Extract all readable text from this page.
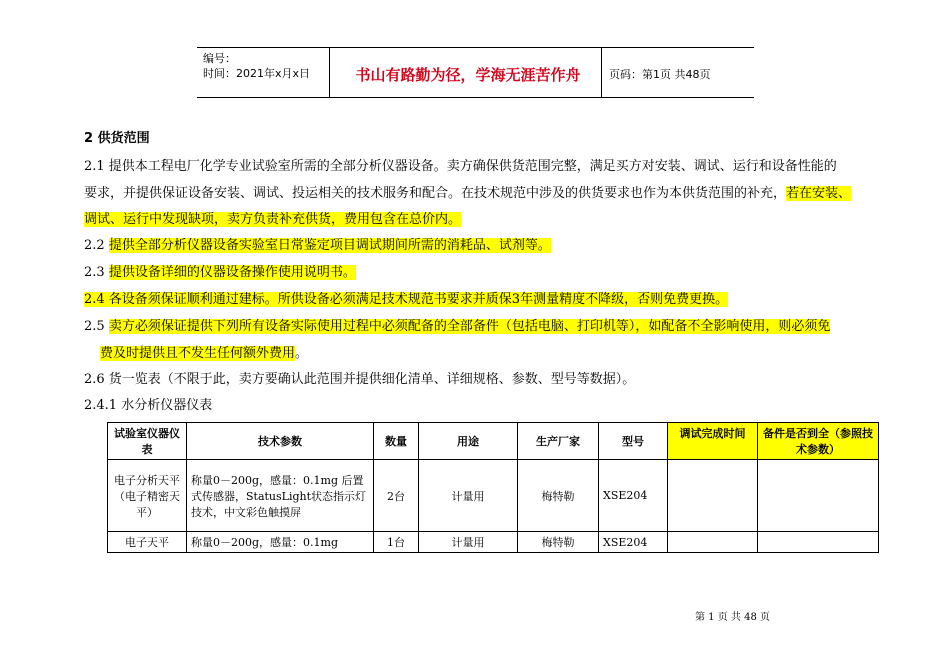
编号：
时间：2021年x月x日	书山有路勤为径，学海无涯苦作舟	页码：第1页 共48页
2 供货范围
2.1 提供本工程电厂化学专业试验室所需的全部分析仪器设备。卖方确保供货范围完整，满足买方对安装、调试、运行和设备性能的
要求，并提供保证设备安装、调试、投运相关的技术服务和配合。在技术规范中涉及的供货要求也作为本供货范围的补充，若在安装、
调试、运行中发现缺项，卖方负责补充供货，费用包含在总价内。
2.2 提供全部分析仪器设备实验室日常鉴定项目调试期间所需的消耗品、试剂等。
2.3 提供设备详细的仪器设备操作使用说明书。
2.4 各设备须保证顺利通过建标。所供设备必须满足技术规范书要求并质保3年测量精度不降级，否则免费更换。
2.5 卖方必须保证提供下列所有设备实际使用过程中必须配备的全部备件（包括电脑、打印机等），如配备不全影响使用，则必须免
费及时提供且不发生任何额外费用。
2.6 货一览表（不限于此，卖方要确认此范围并提供细化清单、详细规格、参数、型号等数据）。
2.4.1 水分析仪器仪表
试验室仪器仪表	技术参数	数量	用途	生产厂家	型号	调试完成时间	备件是否到全（参照技术参数）
电子分析天平（电子精密天平）	称量0－200g，感量：0.1mg 后置式传感器，StatusLight状态指示灯技术，中文彩色触摸屏	2台	计量用	梅特勒	XSE204		
电子天平	称量0－200g，感量：0.1mg	1台	计量用	梅特勒	XSE204		
第 1 页 共 48 页
